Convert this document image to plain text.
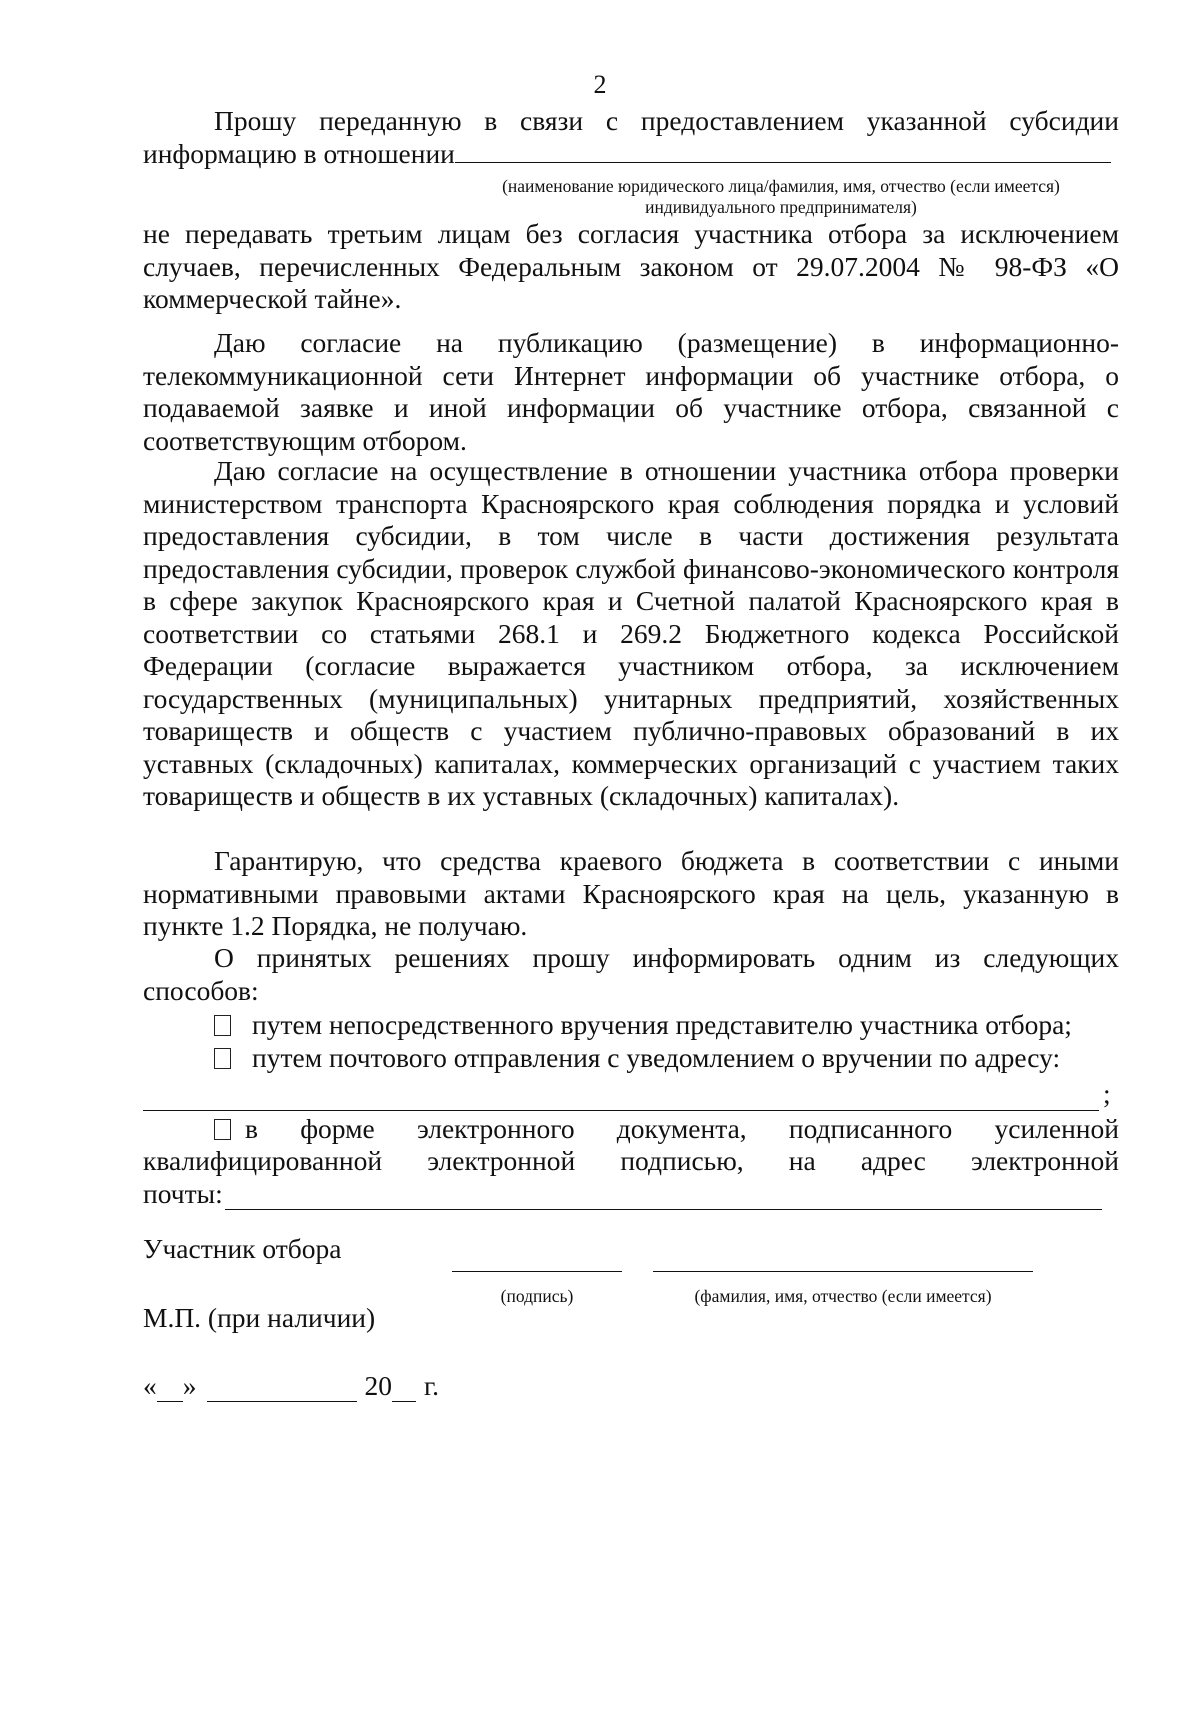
2

Прошу переданную в связи с предоставлением указанной субсидии

информацию в отношении

(наименование юридического лица/фамилия, имя, отчество (если имеется)
индивидуального предпринимателя)

не передавать третьим лицам без согласия участника отбора за исключением случаев, перечисленных Федеральным законом от 29.07.2004 № 98-ФЗ «О коммерческой тайне».

Даю согласие на публикацию (размещение) в информационно-телекоммуникационной сети Интернет информации об участнике отбора, о подаваемой заявке и иной информации об участнике отбора, связанной с соответствующим отбором.

Даю согласие на осуществление в отношении участника отбора проверки министерством транспорта Красноярского края соблюдения порядка и условий предоставления субсидии, в том числе в части достижения результата предоставления субсидии, проверок службой финансово-экономического контроля в сфере закупок Красноярского края и Счетной палатой Красноярского края в соответствии со статьями 268.1 и 269.2 Бюджетного кодекса Российской Федерации (согласие выражается участником отбора, за исключением государственных (муниципальных) унитарных предприятий, хозяйственных товариществ и обществ с участием публично-правовых образований в их уставных (складочных) капиталах, коммерческих организаций с участием таких товариществ и обществ в их уставных (складочных) капиталах).

Гарантирую, что средства краевого бюджета в соответствии с иными нормативными правовыми актами Красноярского края на цель, указанную в пункте 1.2 Порядка, не получаю.

О принятых решениях прошу информировать одним из следующих способов:

путем непосредственного вручения представителю участника отбора;
путем почтового отправления с уведомлением о вручении по адресу:
;
в форме электронного документа, подписанного усиленной
квалифицированной электронной подписью, на адрес электронной
почты:
Участник отбора
(подпись)	(фамилия, имя, отчество (если имеется)
М.П. (при наличии)
« »	20 г.
